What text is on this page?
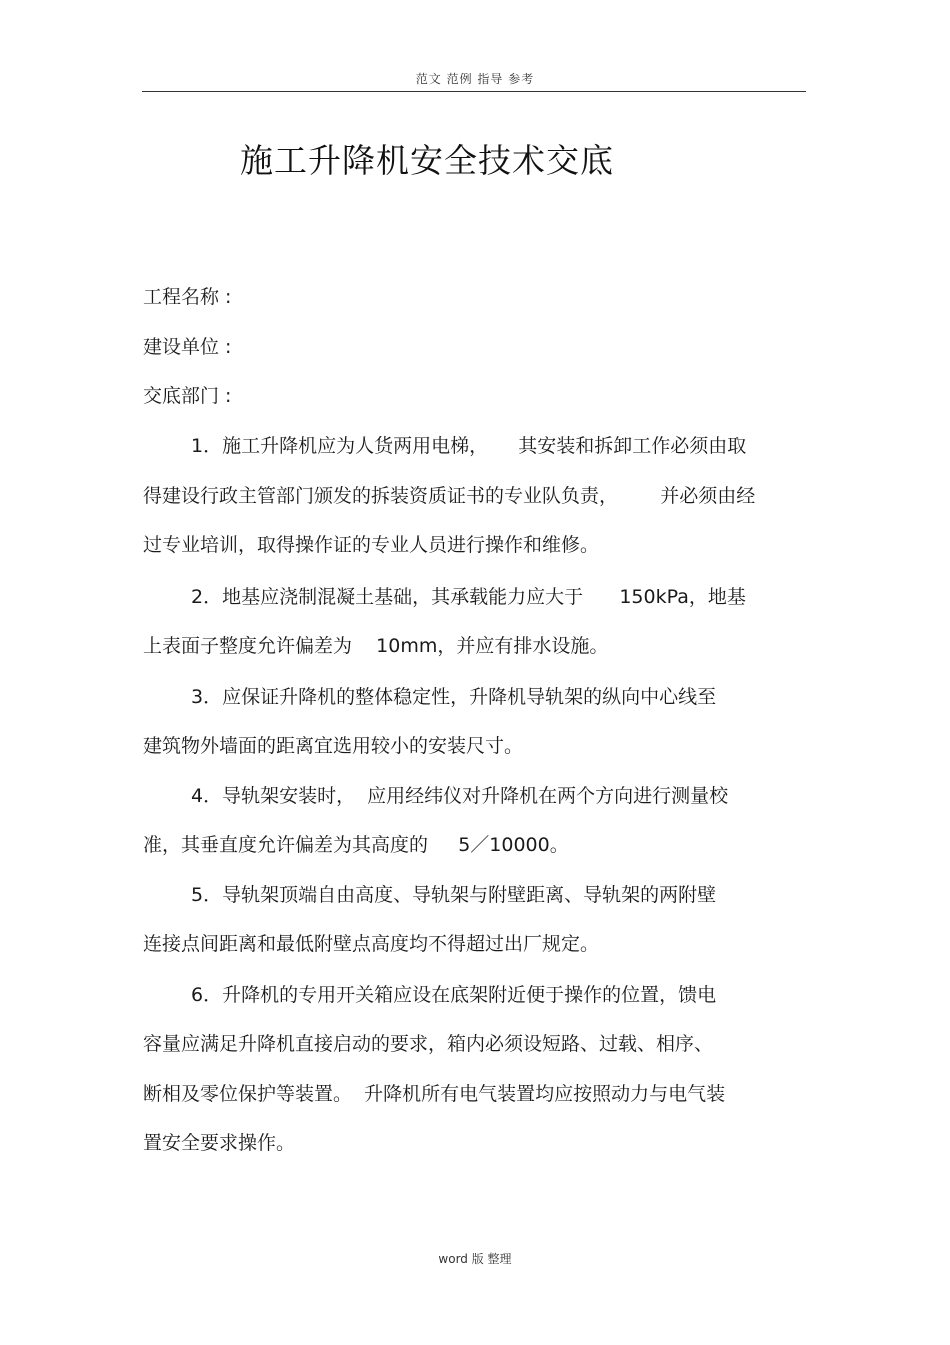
范文 范例 指导 参考
施工升降机安全技术交底
工程名称 :
建设单位 :
交底部门 :
1．施工升降机应为人货两用电梯，     其安装和拆卸工作必须由取
得建设行政主管部门颁发的拆装资质证书的专业队负责，       并必须由经
过专业培训，取得操作证的专业人员进行操作和维修。
2．地基应浇制混凝土基础，其承载能力应大于      150kPa，地基
上表面子整度允许偏差为    10mm，并应有排水设施。
3．应保证升降机的整体稳定性，升降机导轨架的纵向中心线至
建筑物外墙面的距离宜选用较小的安装尺寸。
4．导轨架安装时，  应用经纬仪对升降机在两个方向进行测量校
准，其垂直度允许偏差为其高度的     5／10000。
5．导轨架顶端自由高度、导轨架与附壁距离、导轨架的两附壁
连接点间距离和最低附壁点高度均不得超过出厂规定。
6．升降机的专用开关箱应设在底架附近便于操作的位置，馈电
容量应满足升降机直接启动的要求，箱内必须设短路、过载、相序、
断相及零位保护等装置。  升降机所有电气装置均应按照动力与电气装
置安全要求操作。
word 版 整理
